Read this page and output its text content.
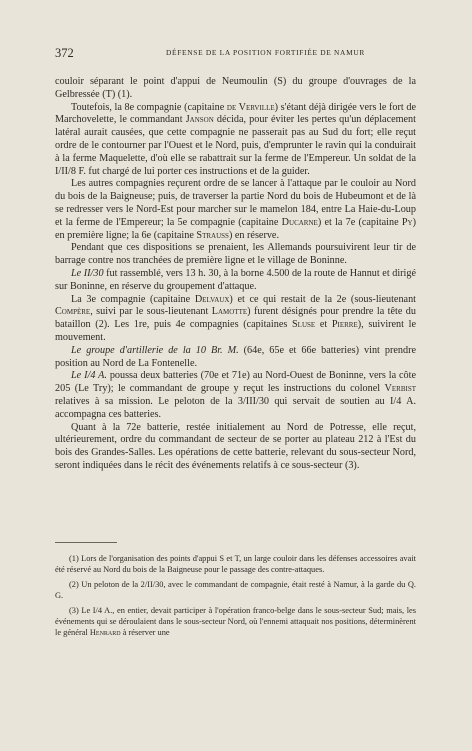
372	DÉFENSE DE LA POSITION FORTIFIÉE DE NAMUR

couloir séparant le point d'appui de Neumoulin (S) du groupe d'ouvrages de la Gelbressée (T) (1).

Toutefois, la 8e compagnie (capitaine de Verville) s'étant déjà dirigée vers le fort de Marchovelette, le commandant Janson décida, pour éviter les pertes qu'un déplacement latéral aurait causées, que cette compagnie ne passerait pas au Sud du fort; elle reçut ordre de le contourner par l'Ouest et le Nord, puis, d'emprunter le ravin qui la conduirait à la ferme Maquelette, d'où elle se rabattrait sur la ferme de l'Empereur. Un soldat de la I/II/8 F. fut chargé de lui porter ces instructions et de la guider.

Les autres compagnies reçurent ordre de se lancer à l'attaque par le couloir au Nord du bois de la Baigneuse; puis, de traverser la partie Nord du bois de Hubeumont et de là se redresser vers le Nord-Est pour marcher sur le mamelon 184, entre La Haie-du-Loup et la ferme de l'Empereur; la 5e compagnie (capitaine Ducarne) et la 7e (capitaine Py) en première ligne; la 6e (capitaine Strauss) en réserve.

Pendant que ces dispositions se prenaient, les Allemands poursuivirent leur tir de barrage contre nos tranchées de première ligne et le village de Boninne.

Le II/30 fut rassemblé, vers 13 h. 30, à la borne 4.500 de la route de Hannut et dirigé sur Boninne, en réserve du groupement d'attaque.

La 3e compagnie (capitaine Delvaux) et ce qui restait de la 2e (sous-lieutenant Compère, suivi par le sous-lieutenant Lamotte) furent désignés pour prendre la tête du bataillon (2). Les 1re, puis 4e compagnies (capitaines Sluse et Pierre), suivirent le mouvement.

Le groupe d'artillerie de la 10 Br. M. (64e, 65e et 66e batteries) vint prendre position au Nord de La Fontenelle.

Le I/4 A. poussa deux batteries (70e et 71e) au Nord-Ouest de Boninne, vers la côte 205 (Le Try); le commandant de groupe y reçut les instructions du colonel Verbist relatives à sa mission. Le peloton de la 3/III/30 qui servait de soutien au I/4 A. accompagna ces batteries.

Quant à la 72e batterie, restée initialement au Nord de Potresse, elle reçut, ultérieurement, ordre du commandant de secteur de se porter au plateau 212 à l'Est du bois des Grandes-Salles. Les opérations de cette batterie, relevant du sous-secteur Nord, seront indiquées dans le récit des événements relatifs à ce sous-secteur (3).

(1) Lors de l'organisation des points d'appui S et T, un large couloir dans les défenses accessoires avait été réservé au Nord du bois de la Baigneuse pour le passage des contre-attaques.

(2) Un peloton de la 2/II/30, avec le commandant de compagnie, était resté à Namur, à la garde du Q. G.

(3) Le I/4 A., en entier, devait participer à l'opération franco-belge dans le sous-secteur Sud; mais, les événements qui se déroulaient dans le sous-secteur Nord, où l'ennemi attaquait nos positions, déterminèrent le général Henrard à réserver une
